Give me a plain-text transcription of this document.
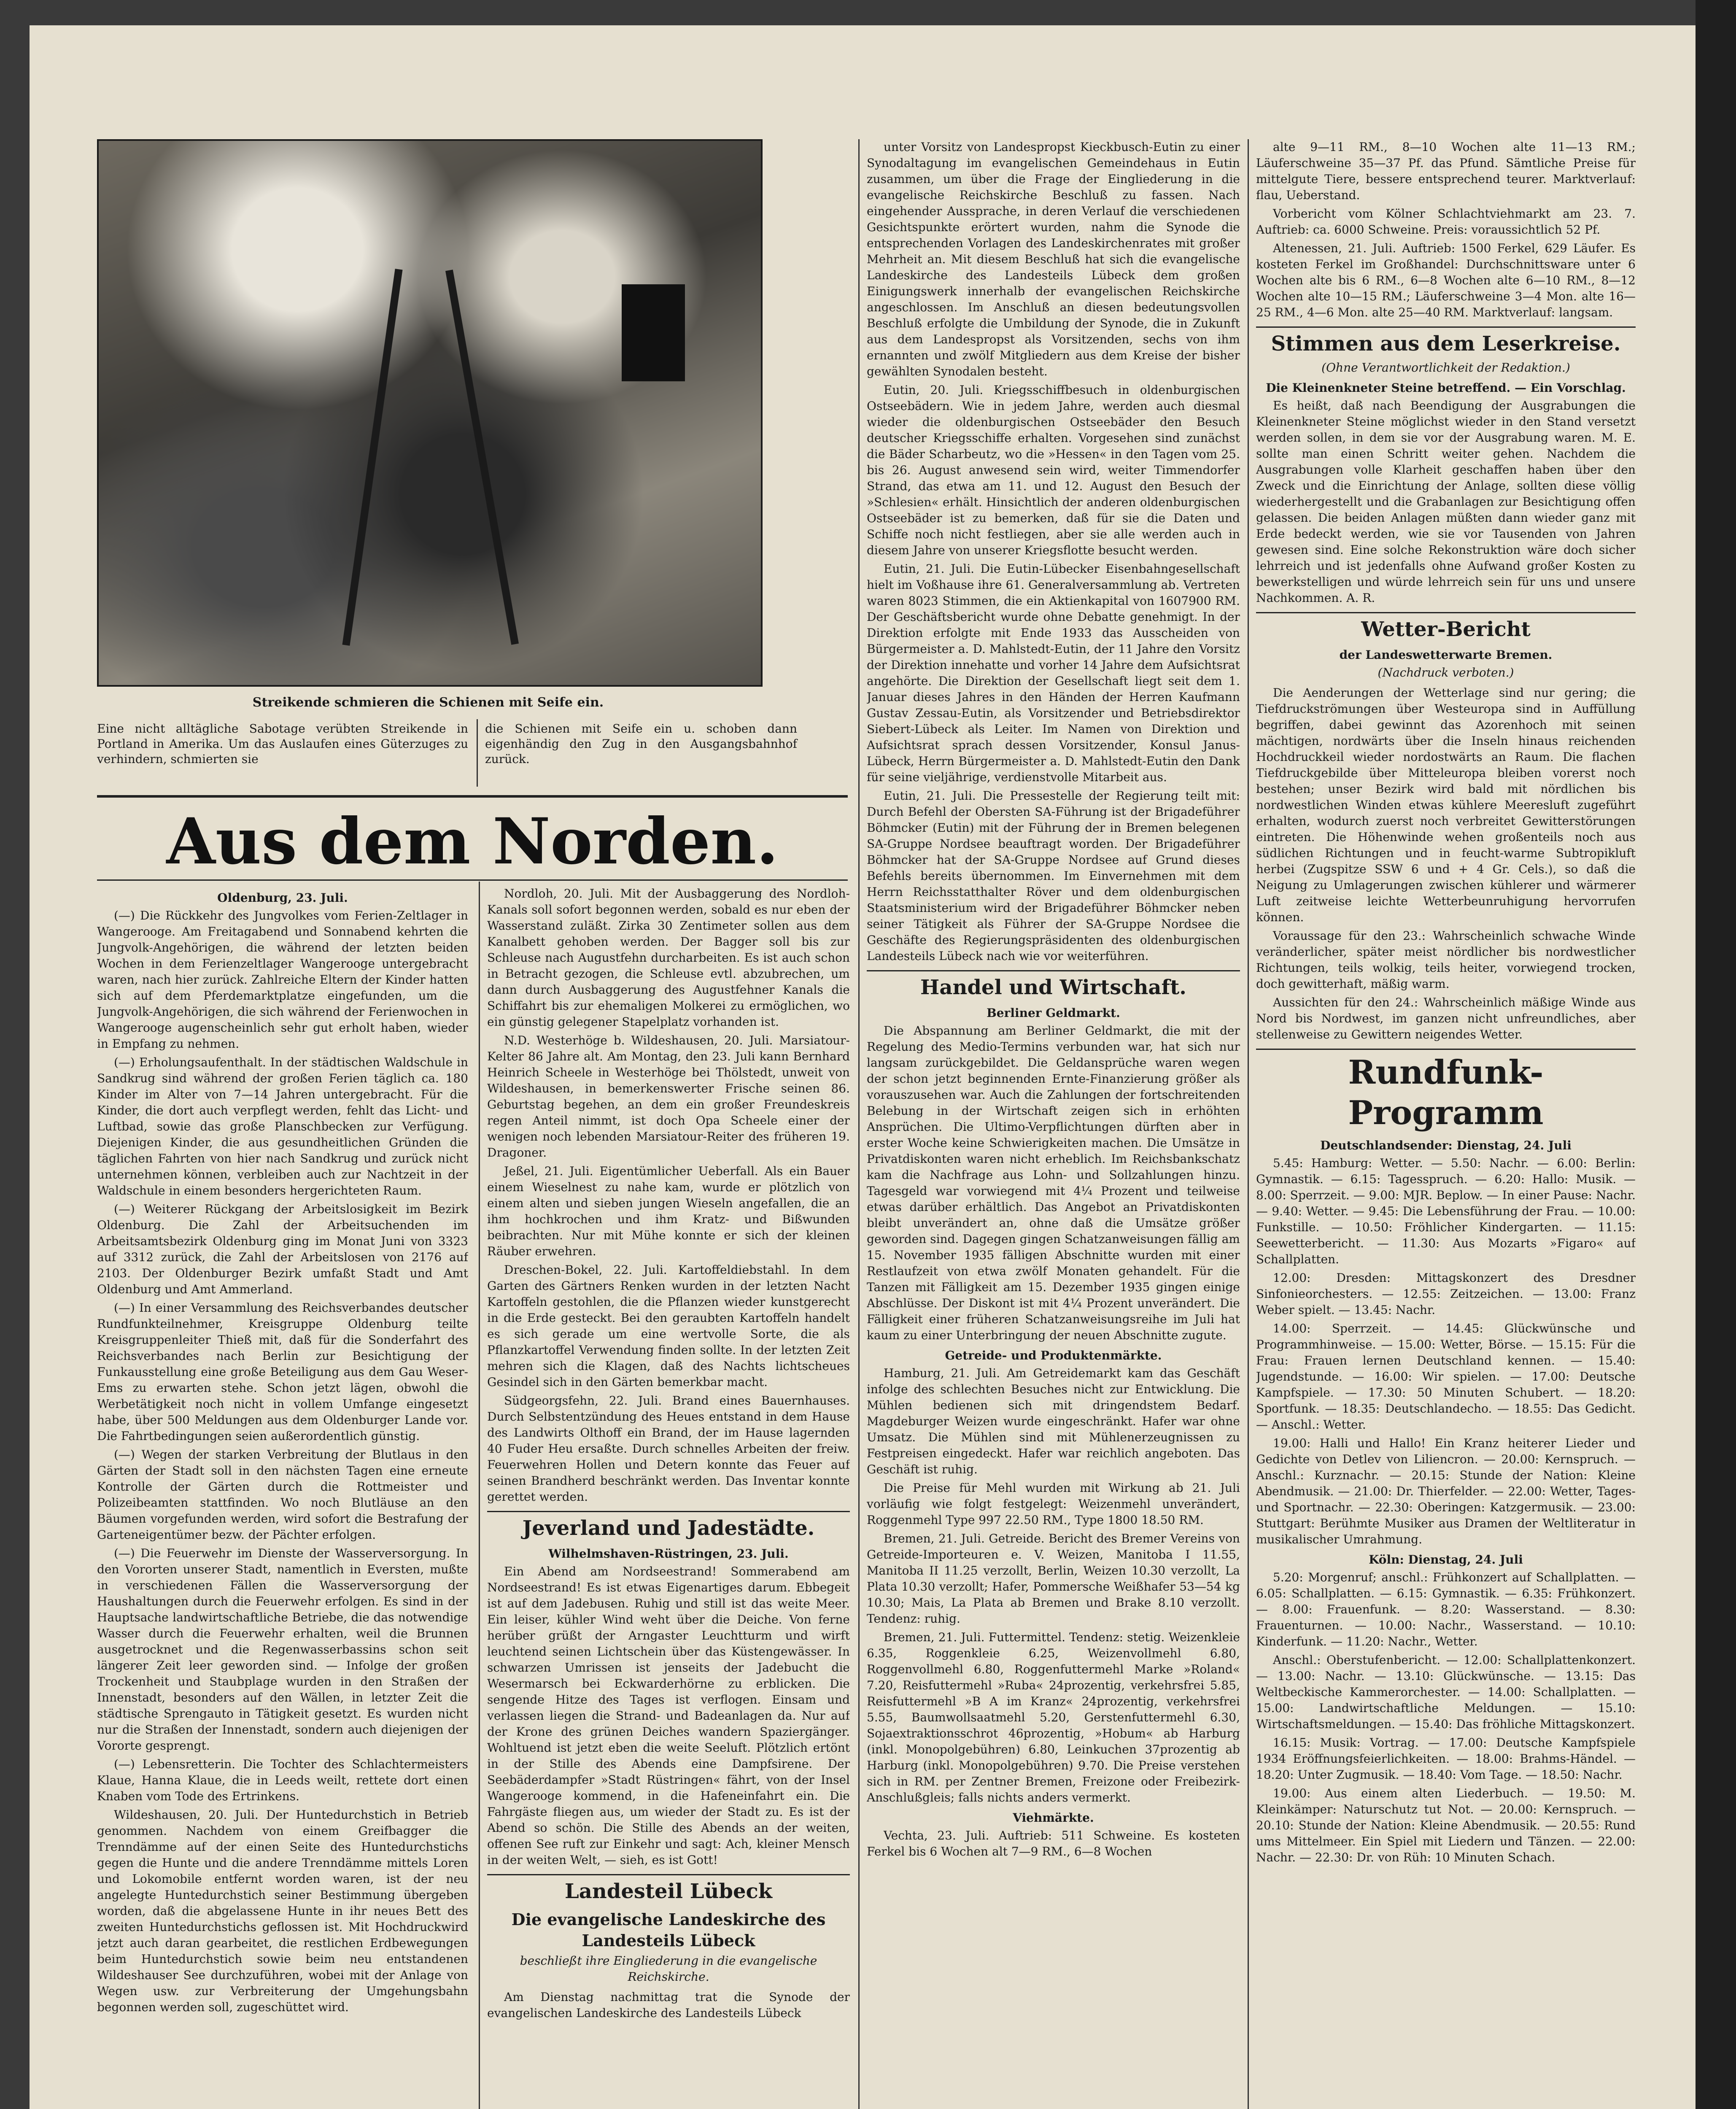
Streikende schmieren die Schienen mit Seife ein.
Eine nicht alltägliche Sabotage verübten Streikende in Portland in Amerika. Um das Auslaufen eines Güterzuges zu verhindern, schmierten sie
die Schienen mit Seife ein u. schoben dann eigenhändig den Zug in den Ausgangsbahnhof zurück.
Aus dem Norden.

Oldenburg, 23. Juli.

(—) Die Rückkehr des Jungvolkes vom Ferien-Zeltlager in Wangerooge. Am Freitagabend und Sonnabend kehrten die Jungvolk-Angehörigen, die während der letzten beiden Wochen in dem Ferienzeltlager Wangerooge untergebracht waren, nach hier zurück. Zahlreiche Eltern der Kinder hatten sich auf dem Pferdemarktplatze eingefunden, um die Jungvolk-Angehörigen, die sich während der Ferienwochen in Wangerooge augenscheinlich sehr gut erholt haben, wieder in Empfang zu nehmen.

(—) Erholungsaufenthalt. In der städtischen Waldschule in Sandkrug sind während der großen Ferien täglich ca. 180 Kinder im Alter von 7—14 Jahren untergebracht. Für die Kinder, die dort auch verpflegt werden, fehlt das Licht- und Luftbad, sowie das große Planschbecken zur Verfügung. Diejenigen Kinder, die aus gesundheitlichen Gründen die täglichen Fahrten von hier nach Sandkrug und zurück nicht unternehmen können, verbleiben auch zur Nachtzeit in der Waldschule in einem besonders hergerichteten Raum.

(—) Weiterer Rückgang der Arbeitslosigkeit im Bezirk Oldenburg. Die Zahl der Arbeitsuchenden im Arbeitsamtsbezirk Oldenburg ging im Monat Juni von 3323 auf 3312 zurück, die Zahl der Arbeitslosen von 2176 auf 2103. Der Oldenburger Bezirk umfaßt Stadt und Amt Oldenburg und Amt Ammerland.

(—) In einer Versammlung des Reichsverbandes deutscher Rundfunkteilnehmer, Kreisgruppe Oldenburg teilte Kreisgruppenleiter Thieß mit, daß für die Sonderfahrt des Reichsverbandes nach Berlin zur Besichtigung der Funkausstellung eine große Beteiligung aus dem Gau Weser-Ems zu erwarten stehe. Schon jetzt lägen, obwohl die Werbetätigkeit noch nicht in vollem Umfange eingesetzt habe, über 500 Meldungen aus dem Oldenburger Lande vor. Die Fahrtbedingungen seien außerordentlich günstig.

(—) Wegen der starken Verbreitung der Blutlaus in den Gärten der Stadt soll in den nächsten Tagen eine erneute Kontrolle der Gärten durch die Rottmeister und Polizeibeamten stattfinden. Wo noch Blutläuse an den Bäumen vorgefunden werden, wird sofort die Bestrafung der Garteneigentümer bezw. der Pächter erfolgen.

(—) Die Feuerwehr im Dienste der Wasserversorgung. In den Vororten unserer Stadt, namentlich in Eversten, mußte in verschiedenen Fällen die Wasserversorgung der Haushaltungen durch die Feuerwehr erfolgen. Es sind in der Hauptsache landwirtschaftliche Betriebe, die das notwendige Wasser durch die Feuerwehr erhalten, weil die Brunnen ausgetrocknet und die Regenwasserbassins schon seit längerer Zeit leer geworden sind. — Infolge der großen Trockenheit und Staubplage wurden in den Straßen der Innenstadt, besonders auf den Wällen, in letzter Zeit die städtische Sprengauto in Tätigkeit gesetzt. Es wurden nicht nur die Straßen der Innenstadt, sondern auch diejenigen der Vororte gesprengt.

(—) Lebensretterin. Die Tochter des Schlachtermeisters Klaue, Hanna Klaue, die in Leeds weilt, rettete dort einen Knaben vom Tode des Ertrinkens.

Wildeshausen, 20. Juli. Der Huntedurchstich in Betrieb genommen. Nachdem von einem Greifbagger die Trenndämme auf der einen Seite des Huntedurchstichs gegen die Hunte und die andere Trenndämme mittels Loren und Lokomobile entfernt worden waren, ist der neu angelegte Huntedurchstich seiner Bestimmung übergeben worden, daß die abgelassene Hunte in ihr neues Bett des zweiten Huntedurchstichs geflossen ist. Mit Hochdruckwird jetzt auch daran gearbeitet, die restlichen Erdbewegungen beim Huntedurchstich sowie beim neu entstandenen Wildeshauser See durchzuführen, wobei mit der Anlage von Wegen usw. zur Verbreiterung der Umgehungsbahn begonnen werden soll, zugeschüttet wird.

Nordloh, 20. Juli. Mit der Ausbaggerung des Nordloh-Kanals soll sofort begonnen werden, sobald es nur eben der Wasserstand zuläßt. Zirka 30 Zentimeter sollen aus dem Kanalbett gehoben werden. Der Bagger soll bis zur Schleuse nach Augustfehn durcharbeiten. Es ist auch schon in Betracht gezogen, die Schleuse evtl. abzubrechen, um dann durch Ausbaggerung des Augustfehner Kanals die Schiffahrt bis zur ehemaligen Molkerei zu ermöglichen, wo ein günstig gelegener Stapelplatz vorhanden ist.

N.D. Westerhöge b. Wildeshausen, 20. Juli. Marsiatour-Kelter 86 Jahre alt. Am Montag, den 23. Juli kann Bernhard Heinrich Scheele in Westerhöge bei Thölstedt, unweit von Wildeshausen, in bemerkenswerter Frische seinen 86. Geburtstag begehen, an dem ein großer Freundeskreis regen Anteil nimmt, ist doch Opa Scheele einer der wenigen noch lebenden Marsiatour-Reiter des früheren 19. Dragoner.

Jeßel, 21. Juli. Eigentümlicher Ueberfall. Als ein Bauer einem Wieselnest zu nahe kam, wurde er plötzlich von einem alten und sieben jungen Wieseln angefallen, die an ihm hochkrochen und ihm Kratz- und Bißwunden beibrachten. Nur mit Mühe konnte er sich der kleinen Räuber erwehren.

Dreschen-Bokel, 22. Juli. Kartoffeldiebstahl. In dem Garten des Gärtners Renken wurden in der letzten Nacht Kartoffeln gestohlen, die die Pflanzen wieder kunstgerecht in die Erde gesteckt. Bei den geraubten Kartoffeln handelt es sich gerade um eine wertvolle Sorte, die als Pflanzkartoffel Verwendung finden sollte. In der letzten Zeit mehren sich die Klagen, daß des Nachts lichtscheues Gesindel sich in den Gärten bemerkbar macht.

Südgeorgsfehn, 22. Juli. Brand eines Bauernhauses. Durch Selbstentzündung des Heues entstand in dem Hause des Landwirts Olthoff ein Brand, der im Hause lagernden 40 Fuder Heu ersaßte. Durch schnelles Arbeiten der freiw. Feuerwehren Hollen und Detern konnte das Feuer auf seinen Brandherd beschränkt werden. Das Inventar konnte gerettet werden.

Jeverland und Jadestädte.

Wilhelmshaven-Rüstringen, 23. Juli.

Ein Abend am Nordseestrand! Sommerabend am Nordseestrand! Es ist etwas Eigenartiges darum. Ebbegeit ist auf dem Jadebusen. Ruhig und still ist das weite Meer. Ein leiser, kühler Wind weht über die Deiche. Von ferne herüber grüßt der Arngaster Leuchtturm und wirft leuchtend seinen Lichtschein über das Küstengewässer. In schwarzen Umrissen ist jenseits der Jadebucht die Wesermarsch bei Eckwarderhörne zu erblicken. Die sengende Hitze des Tages ist verflogen. Einsam und verlassen liegen die Strand- und Badeanlagen da. Nur auf der Krone des grünen Deiches wandern Spaziergänger. Wohltuend ist jetzt eben die weite Seeluft. Plötzlich ertönt in der Stille des Abends eine Dampfsirene. Der Seebäderdampfer »Stadt Rüstringen« fährt, von der Insel Wangerooge kommend, in die Hafeneinfahrt ein. Die Fahrgäste fliegen aus, um wieder der Stadt zu. Es ist der Abend so schön. Die Stille des Abends an der weiten, offenen See ruft zur Einkehr und sagt: Ach, kleiner Mensch in der weiten Welt, — sieh, es ist Gott!

Landesteil Lübeck

Die evangelische Landeskirche des Landesteils Lübeck

beschließt ihre Eingliederung in die evangelische Reichskirche.

Am Dienstag nachmittag trat die Synode der evangelischen Landeskirche des Landesteils Lübeck

unter Vorsitz von Landespropst Kieckbusch-Eutin zu einer Synodaltagung im evangelischen Gemeindehaus in Eutin zusammen, um über die Frage der Eingliederung in die evangelische Reichskirche Beschluß zu fassen. Nach eingehender Aussprache, in deren Verlauf die verschiedenen Gesichtspunkte erörtert wurden, nahm die Synode die entsprechenden Vorlagen des Landeskirchenrates mit großer Mehrheit an. Mit diesem Beschluß hat sich die evangelische Landeskirche des Landesteils Lübeck dem großen Einigungswerk innerhalb der evangelischen Reichskirche angeschlossen. Im Anschluß an diesen bedeutungsvollen Beschluß erfolgte die Umbildung der Synode, die in Zukunft aus dem Landespropst als Vorsitzenden, sechs von ihm ernannten und zwölf Mitgliedern aus dem Kreise der bisher gewählten Synodalen besteht.

Eutin, 20. Juli. Kriegsschiffbesuch in oldenburgischen Ostseebädern. Wie in jedem Jahre, werden auch diesmal wieder die oldenburgischen Ostseebäder den Besuch deutscher Kriegsschiffe erhalten. Vorgesehen sind zunächst die Bäder Scharbeutz, wo die »Hessen« in den Tagen vom 25. bis 26. August anwesend sein wird, weiter Timmendorfer Strand, das etwa am 11. und 12. August den Besuch der »Schlesien« erhält. Hinsichtlich der anderen oldenburgischen Ostseebäder ist zu bemerken, daß für sie die Daten und Schiffe noch nicht festliegen, aber sie alle werden auch in diesem Jahre von unserer Kriegsflotte besucht werden.

Eutin, 21. Juli. Die Eutin-Lübecker Eisenbahngesellschaft hielt im Voßhause ihre 61. Generalversammlung ab. Vertreten waren 8023 Stimmen, die ein Aktienkapital von 1607900 RM. Der Geschäftsbericht wurde ohne Debatte genehmigt. In der Direktion erfolgte mit Ende 1933 das Ausscheiden von Bürgermeister a. D. Mahlstedt-Eutin, der 11 Jahre den Vorsitz der Direktion innehatte und vorher 14 Jahre dem Aufsichtsrat angehörte. Die Direktion der Gesellschaft liegt seit dem 1. Januar dieses Jahres in den Händen der Herren Kaufmann Gustav Zessau-Eutin, als Vorsitzender und Betriebsdirektor Siebert-Lübeck als Leiter. Im Namen von Direktion und Aufsichtsrat sprach dessen Vorsitzender, Konsul Janus-Lübeck, Herrn Bürgermeister a. D. Mahlstedt-Eutin den Dank für seine vieljährige, verdienstvolle Mitarbeit aus.

Eutin, 21. Juli. Die Pressestelle der Regierung teilt mit: Durch Befehl der Obersten SA-Führung ist der Brigadeführer Böhmcker (Eutin) mit der Führung der in Bremen belegenen SA-Gruppe Nordsee beauftragt worden. Der Brigadeführer Böhmcker hat der SA-Gruppe Nordsee auf Grund dieses Befehls bereits übernommen. Im Einvernehmen mit dem Herrn Reichsstatthalter Röver und dem oldenburgischen Staatsministerium wird der Brigadeführer Böhmcker neben seiner Tätigkeit als Führer der SA-Gruppe Nordsee die Geschäfte des Regierungspräsidenten des oldenburgischen Landesteils Lübeck nach wie vor weiterführen.

Handel und Wirtschaft.

Berliner Geldmarkt.

Die Abspannung am Berliner Geldmarkt, die mit der Regelung des Medio-Termins verbunden war, hat sich nur langsam zurückgebildet. Die Geldansprüche waren wegen der schon jetzt beginnenden Ernte-Finanzierung größer als vorauszusehen war. Auch die Zahlungen der fortschreitenden Belebung in der Wirtschaft zeigen sich in erhöhten Ansprüchen. Die Ultimo-Verpflichtungen dürften aber in erster Woche keine Schwierigkeiten machen. Die Umsätze in Privatdiskonten waren nicht erheblich. Im Reichsbankschatz kam die Nachfrage aus Lohn- und Sollzahlungen hinzu. Tagesgeld war vorwiegend mit 4¼ Prozent und teilweise etwas darüber erhältlich. Das Angebot an Privatdiskonten bleibt unverändert an, ohne daß die Umsätze größer geworden sind. Dagegen gingen Schatzanweisungen fällig am 15. November 1935 fälligen Abschnitte wurden mit einer Restlaufzeit von etwa zwölf Monaten gehandelt. Für die Tanzen mit Fälligkeit am 15. Dezember 1935 gingen einige Abschlüsse. Der Diskont ist mit 4¼ Prozent unverändert. Die Fälligkeit einer früheren Schatzanweisungsreihe im Juli hat kaum zu einer Unterbringung der neuen Abschnitte zugute.

Getreide- und Produktenmärkte.

Hamburg, 21. Juli. Am Getreidemarkt kam das Geschäft infolge des schlechten Besuches nicht zur Entwicklung. Die Mühlen bedienen sich mit dringendstem Bedarf. Magdeburger Weizen wurde eingeschränkt. Hafer war ohne Umsatz. Die Mühlen sind mit Mühlenerzeugnissen zu Festpreisen eingedeckt. Hafer war reichlich angeboten. Das Geschäft ist ruhig.

Die Preise für Mehl wurden mit Wirkung ab 21. Juli vorläufig wie folgt festgelegt: Weizenmehl unverändert, Roggenmehl Type 997 22.50 RM., Type 1800 18.50 RM.

Bremen, 21. Juli. Getreide. Bericht des Bremer Vereins von Getreide-Importeuren e. V. Weizen, Manitoba I 11.55, Manitoba II 11.25 verzollt, Berlin, Weizen 10.30 verzollt, La Plata 10.30 verzollt; Hafer, Pommersche Weißhafer 53—54 kg 10.30; Mais, La Plata ab Bremen und Brake 8.10 verzollt. Tendenz: ruhig.

Bremen, 21. Juli. Futtermittel. Tendenz: stetig. Weizenkleie 6.35, Roggenkleie 6.25, Weizenvollmehl 6.80, Roggenvollmehl 6.80, Roggenfuttermehl Marke »Roland« 7.20, Reisfuttermehl »Ruba« 24prozentig, verkehrsfrei 5.85, Reisfuttermehl »B A im Kranz« 24prozentig, verkehrsfrei 5.55, Baumwollsaatmehl 5.20, Gerstenfuttermehl 6.30, Sojaextraktionsschrot 46prozentig, »Hobum« ab Harburg (inkl. Monopolgebühren) 6.80, Leinkuchen 37prozentig ab Harburg (inkl. Monopolgebühren) 9.70. Die Preise verstehen sich in RM. per Zentner Bremen, Freizone oder Freibezirk-Anschlußgleis; falls nichts anders vermerkt.

Viehmärkte.

Vechta, 23. Juli. Auftrieb: 511 Schweine. Es kosteten Ferkel bis 6 Wochen alt 7—9 RM., 6—8 Wochen

alte 9—11 RM., 8—10 Wochen alte 11—13 RM.; Läuferschweine 35—37 Pf. das Pfund. Sämtliche Preise für mittelgute Tiere, bessere entsprechend teurer. Marktverlauf: flau, Ueberstand.

Vorbericht vom Kölner Schlachtviehmarkt am 23. 7. Auftrieb: ca. 6000 Schweine. Preis: voraussichtlich 52 Pf.

Altenessen, 21. Juli. Auftrieb: 1500 Ferkel, 629 Läufer. Es kosteten Ferkel im Großhandel: Durchschnittsware unter 6 Wochen alte bis 6 RM., 6—8 Wochen alte 6—10 RM., 8—12 Wochen alte 10—15 RM.; Läuferschweine 3—4 Mon. alte 16—25 RM., 4—6 Mon. alte 25—40 RM. Marktverlauf: langsam.

Stimmen aus dem Leserkreise.

(Ohne Verantwortlichkeit der Redaktion.)

Die Kleinenkneter Steine betreffend. — Ein Vorschlag.

Es heißt, daß nach Beendigung der Ausgrabungen die Kleinenkneter Steine möglichst wieder in den Stand versetzt werden sollen, in dem sie vor der Ausgrabung waren. M. E. sollte man einen Schritt weiter gehen. Nachdem die Ausgrabungen volle Klarheit geschaffen haben über den Zweck und die Einrichtung der Anlage, sollten diese völlig wiederhergestellt und die Grabanlagen zur Besichtigung offen gelassen. Die beiden Anlagen müßten dann wieder ganz mit Erde bedeckt werden, wie sie vor Tausenden von Jahren gewesen sind. Eine solche Rekonstruktion wäre doch sicher lehrreich und ist jedenfalls ohne Aufwand großer Kosten zu bewerkstelligen und würde lehrreich sein für uns und unsere Nachkommen. A. R.

Wetter-Bericht

der Landeswetterwarte Bremen.

(Nachdruck verboten.)

Die Aenderungen der Wetterlage sind nur gering; die Tiefdruckströmungen über Westeuropa sind in Auffüllung begriffen, dabei gewinnt das Azorenhoch mit seinen mächtigen, nordwärts über die Inseln hinaus reichenden Hochdruckkeil wieder nordostwärts an Raum. Die flachen Tiefdruckgebilde über Mitteleuropa bleiben vorerst noch bestehen; unser Bezirk wird bald mit nördlichen bis nordwestlichen Winden etwas kühlere Meeresluft zugeführt erhalten, wodurch zuerst noch verbreitet Gewitterstörungen eintreten. Die Höhenwinde wehen großenteils noch aus südlichen Richtungen und in feucht-warme Subtropikluft herbei (Zugspitze SSW 6 und + 4 Gr. Cels.), so daß die Neigung zu Umlagerungen zwischen kühlerer und wärmerer Luft zeitweise leichte Wetterbeunruhigung hervorrufen können.

Voraussage für den 23.: Wahrscheinlich schwache Winde veränderlicher, später meist nördlicher bis nordwestlicher Richtungen, teils wolkig, teils heiter, vorwiegend trocken, doch gewitterhaft, mäßig warm.

Aussichten für den 24.: Wahrscheinlich mäßige Winde aus Nord bis Nordwest, im ganzen nicht unfreundliches, aber stellenweise zu Gewittern neigendes Wetter.

Rundfunk-Programm

Deutschlandsender: Dienstag, 24. Juli

5.45: Hamburg: Wetter. — 5.50: Nachr. — 6.00: Berlin: Gymnastik. — 6.15: Tagesspruch. — 6.20: Hallo: Musik. — 8.00: Sperrzeit. — 9.00: MJR. Beplow. — In einer Pause: Nachr. — 9.40: Wetter. — 9.45: Die Lebensführung der Frau. — 10.00: Funkstille. — 10.50: Fröhlicher Kindergarten. — 11.15: Seewetterbericht. — 11.30: Aus Mozarts »Figaro« auf Schallplatten.

12.00: Dresden: Mittagskonzert des Dresdner Sinfonieorchesters. — 12.55: Zeitzeichen. — 13.00: Franz Weber spielt. — 13.45: Nachr.

14.00: Sperrzeit. — 14.45: Glückwünsche und Programmhinweise. — 15.00: Wetter, Börse. — 15.15: Für die Frau: Frauen lernen Deutschland kennen. — 15.40: Jugendstunde. — 16.00: Wir spielen. — 17.00: Deutsche Kampfspiele. — 17.30: 50 Minuten Schubert. — 18.20: Sportfunk. — 18.35: Deutschlandecho. — 18.55: Das Gedicht. — Anschl.: Wetter.

19.00: Halli und Hallo! Ein Kranz heiterer Lieder und Gedichte von Detlev von Liliencron. — 20.00: Kernspruch. — Anschl.: Kurznachr. — 20.15: Stunde der Nation: Kleine Abendmusik. — 21.00: Dr. Thierfelder. — 22.00: Wetter, Tages- und Sportnachr. — 22.30: Oberingen: Katzgermusik. — 23.00: Stuttgart: Berühmte Musiker aus Dramen der Weltliteratur in musikalischer Umrahmung.

Köln: Dienstag, 24. Juli

5.20: Morgenruf; anschl.: Frühkonzert auf Schallplatten. — 6.05: Schallplatten. — 6.15: Gymnastik. — 6.35: Frühkonzert. — 8.00: Frauenfunk. — 8.20: Wasserstand. — 8.30: Frauenturnen. — 10.00: Nachr., Wasserstand. — 10.10: Kinderfunk. — 11.20: Nachr., Wetter.

Anschl.: Oberstufenbericht. — 12.00: Schallplattenkonzert. — 13.00: Nachr. — 13.10: Glückwünsche. — 13.15: Das Weltbeckische Kammerorchester. — 14.00: Schallplatten. — 15.00: Landwirtschaftliche Meldungen. — 15.10: Wirtschaftsmeldungen. — 15.40: Das fröhliche Mittagskonzert.

16.15: Musik: Vortrag. — 17.00: Deutsche Kampfspiele 1934 Eröffnungsfeierlichkeiten. — 18.00: Brahms-Händel. — 18.20: Unter Zugmusik. — 18.40: Vom Tage. — 18.50: Nachr.

19.00: Aus einem alten Liederbuch. — 19.50: M. Kleinkämper: Naturschutz tut Not. — 20.00: Kernspruch. — 20.10: Stunde der Nation: Kleine Abendmusik. — 20.55: Rund ums Mittelmeer. Ein Spiel mit Liedern und Tänzen. — 22.00: Nachr. — 22.30: Dr. von Rüh: 10 Minuten Schach.
